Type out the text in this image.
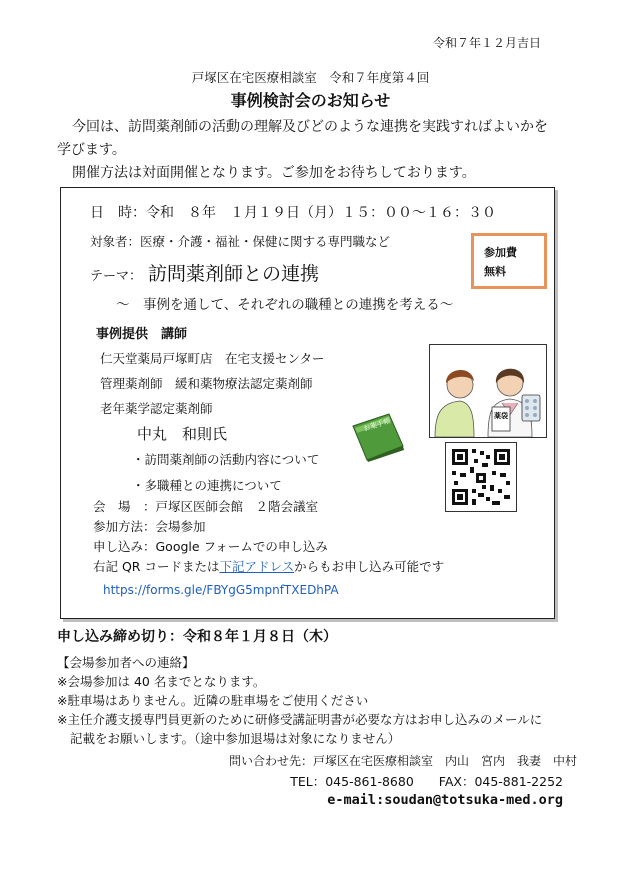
令和７年１２月吉日
戸塚区在宅医療相談室　令和７年度第４回
事例検討会のお知らせ
今回は、訪問薬剤師の活動の理解及びどのような連携を実践すればよいかを
学びます。
開催方法は対面開催となります。ご参加をお待ちしております。
日　時：令和　８年　１月１９日（月）１５：００～１６：３０
対象者：医療・介護・福祉・保健に関する専門職など
テーマ： 訪問薬剤師との連携
～　事例を通して、それぞれの職種との連携を考える～
事例提供　講師
仁天堂薬局戸塚町店　在宅支援センター
管理薬剤師　緩和薬物療法認定薬剤師
老年薬学認定薬剤師
中丸　和則氏
・訪問薬剤師の活動内容について
・多職種との連携について
会　場　：戸塚区医師会館　２階会議室
参加方法：会場参加
申し込み：Google フォームでの申し込み
右記 QR コードまたは下記アドレスからもお申し込み可能です
https://forms.gle/FBYgG5mpnfTXEDhPA
参加費
無料
お薬手帳
薬袋
申し込み締め切り：令和８年１月８日（木）
【会場参加者への連絡】
※会場参加は 40 名までとなります。
※駐車場はありません。近隣の駐車場をご使用ください
※主任介護支援専門員更新のために研修受講証明書が必要な方はお申し込みのメールに
記載をお願いします。（途中参加退場は対象になりません）
問い合わせ先：戸塚区在宅医療相談室　内山　宮内　我妻　中村
TEL：045-861-8680　　FAX：045-881-2252
e-mail:soudan@totsuka-med.org
